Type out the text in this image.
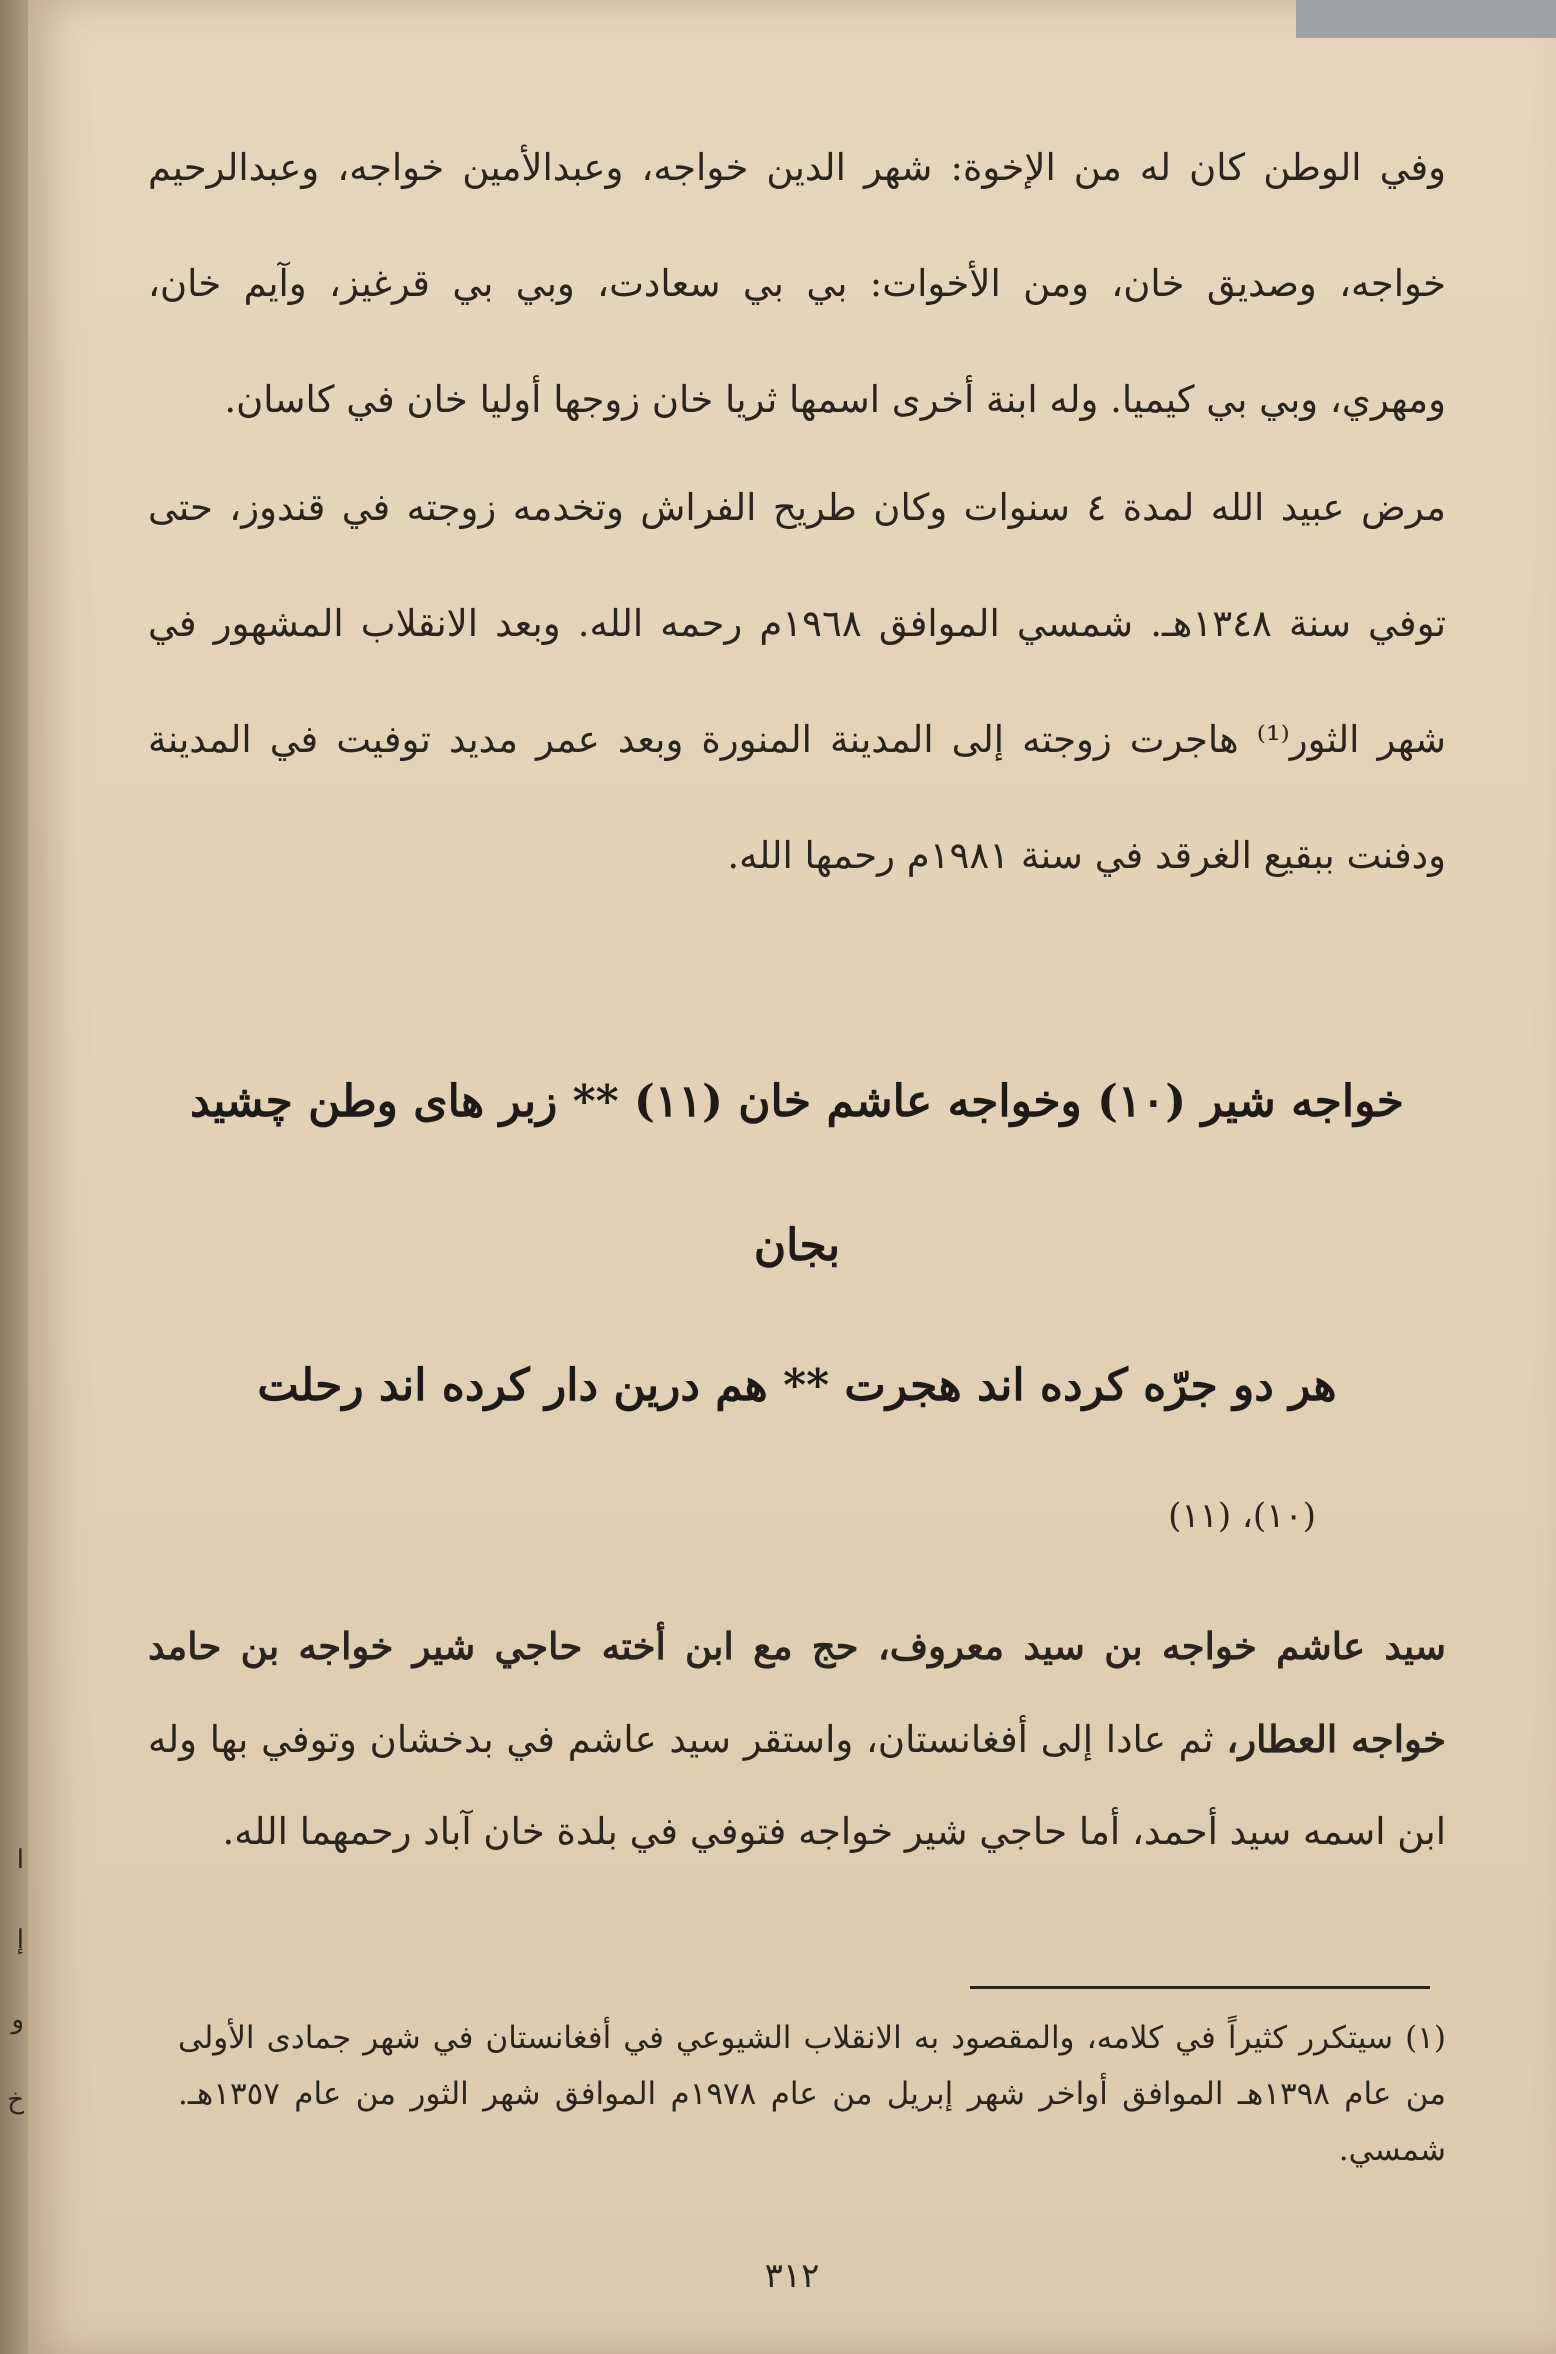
وفي الوطن كان له من الإخوة: شهر الدين خواجه، وعبدالأمين خواجه، وعبدالرحيم خواجه، وصديق خان، ومن الأخوات: بي بي سعادت، وبي بي قرغيز، وآيم خان، ومهري، وبي بي كيميا. وله ابنة أخرى اسمها ثريا خان زوجها أوليا خان في كاسان.

مرض عبيد الله لمدة ٤ سنوات وكان طريح الفراش وتخدمه زوجته في قندوز، حتى توفي سنة ١٣٤٨هـ. شمسي الموافق ١٩٦٨م رحمه الله. وبعد الانقلاب المشهور في شهر الثور⁽¹⁾ هاجرت زوجته إلى المدينة المنورة وبعد عمر مديد توفيت في المدينة ودفنت ببقيع الغرقد في سنة ١٩٨١م رحمها الله.

خواجه شير (١٠) وخواجه عاشم خان (١١) ** زبر هاى وطن چشيد

بجان

هر دو جرّه كرده اند هجرت ** هم درين دار كرده اند رحلت

(١٠)، (١١)

سيد عاشم خواجه بن سيد معروف، حج مع ابن أخته حاجي شير خواجه بن حامد خواجه العطار، ثم عادا إلى أفغانستان، واستقر سيد عاشم في بدخشان وتوفي بها وله ابن اسمه سيد أحمد، أما حاجي شير خواجه فتوفي في بلدة خان آباد رحمهما الله.

(١) سيتكرر كثيراً في كلامه، والمقصود به الانقلاب الشيوعي في أفغانستان في شهر جمادى الأولى من عام ١٣٩٨هـ الموافق أواخر شهر إبريل من عام ١٩٧٨م الموافق شهر الثور من عام ١٣٥٧هـ. شمسي.

٣١٢
ا
إ
و
خ
